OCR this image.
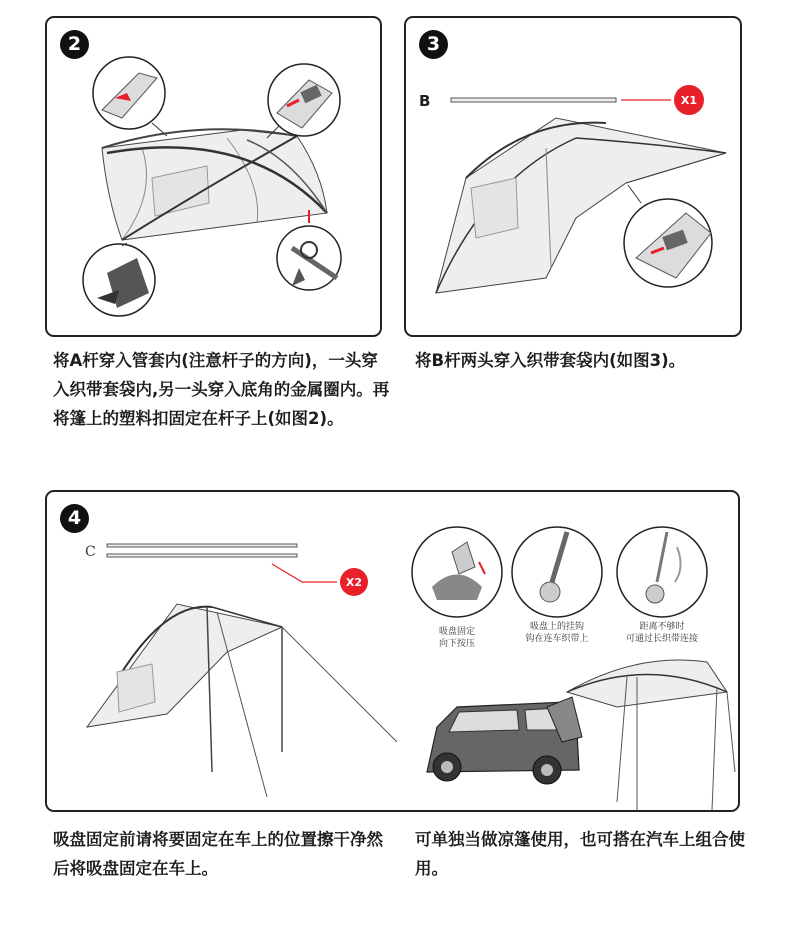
2	3
B	X1

将A杆穿入管套内(注意杆子的方向)，一头穿入织带套袋内,另一头穿入底角的金属圈内。再将篷上的塑料扣固定在杆子上(如图2)。

将B杆两头穿入织带套袋内(如图3)。

4
C
X2
吸盘固定
向下按压
吸盘上的挂钩
钩在连车织带上
距离不够时
可通过长织带连接

吸盘固定前请将要固定在车上的位置擦干净然后将吸盘固定在车上。

可单独当做凉篷使用，也可搭在汽车上组合使用。
